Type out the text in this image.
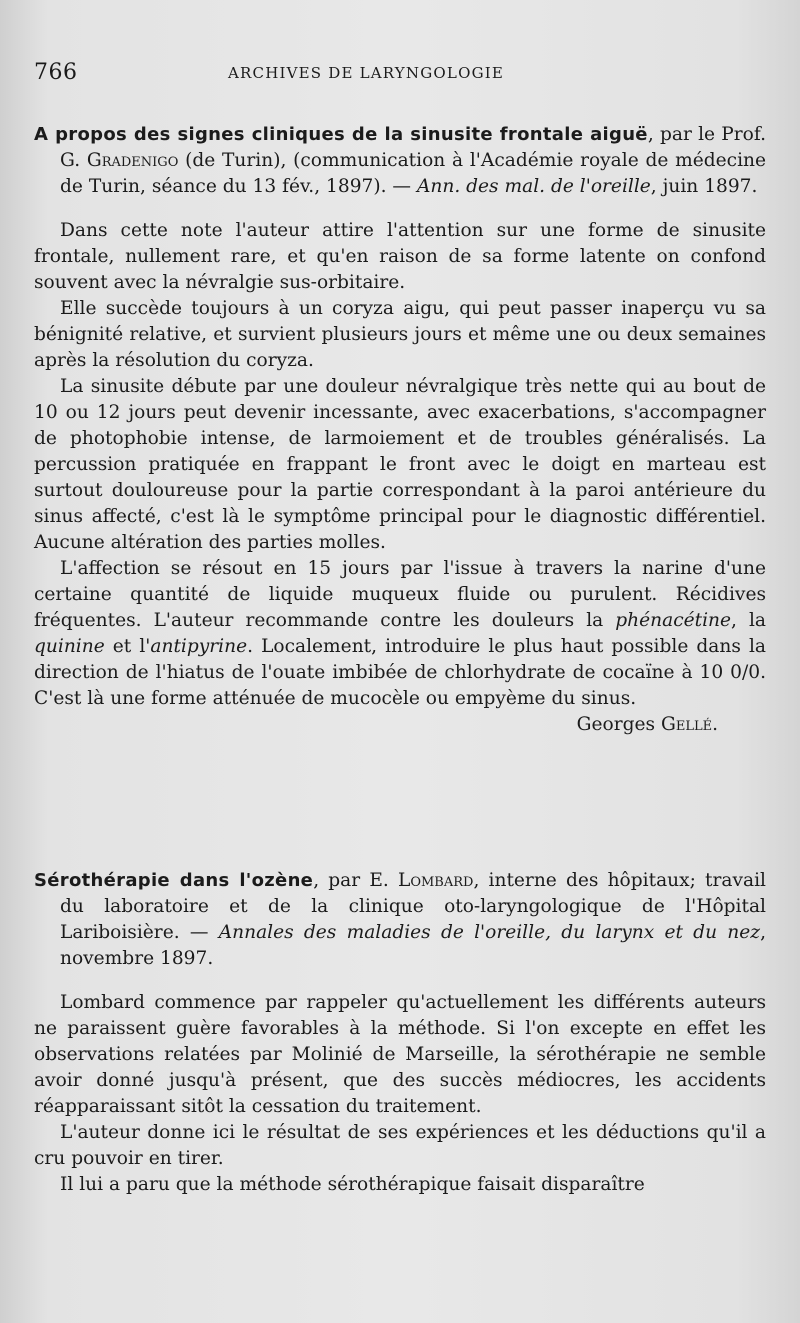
766	ARCHIVES DE LARYNGOLOGIE
A propos des signes cliniques de la sinusite frontale aiguë, par le Prof. G. Gradenigo (de Turin), (communication à l'Académie royale de médecine de Turin, séance du 13 fév., 1897). — Ann. des mal. de l'oreille, juin 1897.

Dans cette note l'auteur attire l'attention sur une forme de sinusite frontale, nullement rare, et qu'en raison de sa forme latente on confond souvent avec la névralgie sus-orbitaire.

Elle succède toujours à un coryza aigu, qui peut passer inaperçu vu sa bénignité relative, et survient plusieurs jours et même une ou deux semaines après la résolution du coryza.

La sinusite débute par une douleur névralgique très nette qui au bout de 10 ou 12 jours peut devenir incessante, avec exacerbations, s'accompagner de photophobie intense, de larmoiement et de troubles généralisés. La percussion pratiquée en frappant le front avec le doigt en marteau est surtout douloureuse pour la partie correspondant à la paroi antérieure du sinus affecté, c'est là le symptôme principal pour le diagnostic différentiel. Aucune altération des parties molles.

L'affection se résout en 15 jours par l'issue à travers la narine d'une certaine quantité de liquide muqueux fluide ou purulent. Récidives fréquentes. L'auteur recommande contre les douleurs la phénacétine, la quinine et l'antipyrine. Localement, introduire le plus haut possible dans la direction de l'hiatus de l'ouate imbibée de chlorhydrate de cocaïne à 10 0/0. C'est là une forme atténuée de mucocèle ou empyème du sinus.

Georges Gellé.

Sérothérapie dans l'ozène, par E. Lombard, interne des hôpitaux; travail du laboratoire et de la clinique oto-laryngologique de l'Hôpital Lariboisière. — Annales des maladies de l'oreille, du larynx et du nez, novembre 1897.

Lombard commence par rappeler qu'actuellement les différents auteurs ne paraissent guère favorables à la méthode. Si l'on excepte en effet les observations relatées par Molinié de Marseille, la sérothérapie ne semble avoir donné jusqu'à présent, que des succès médiocres, les accidents réapparaissant sitôt la cessation du traitement.

L'auteur donne ici le résultat de ses expériences et les déductions qu'il a cru pouvoir en tirer.

Il lui a paru que la méthode sérothérapique faisait disparaître
